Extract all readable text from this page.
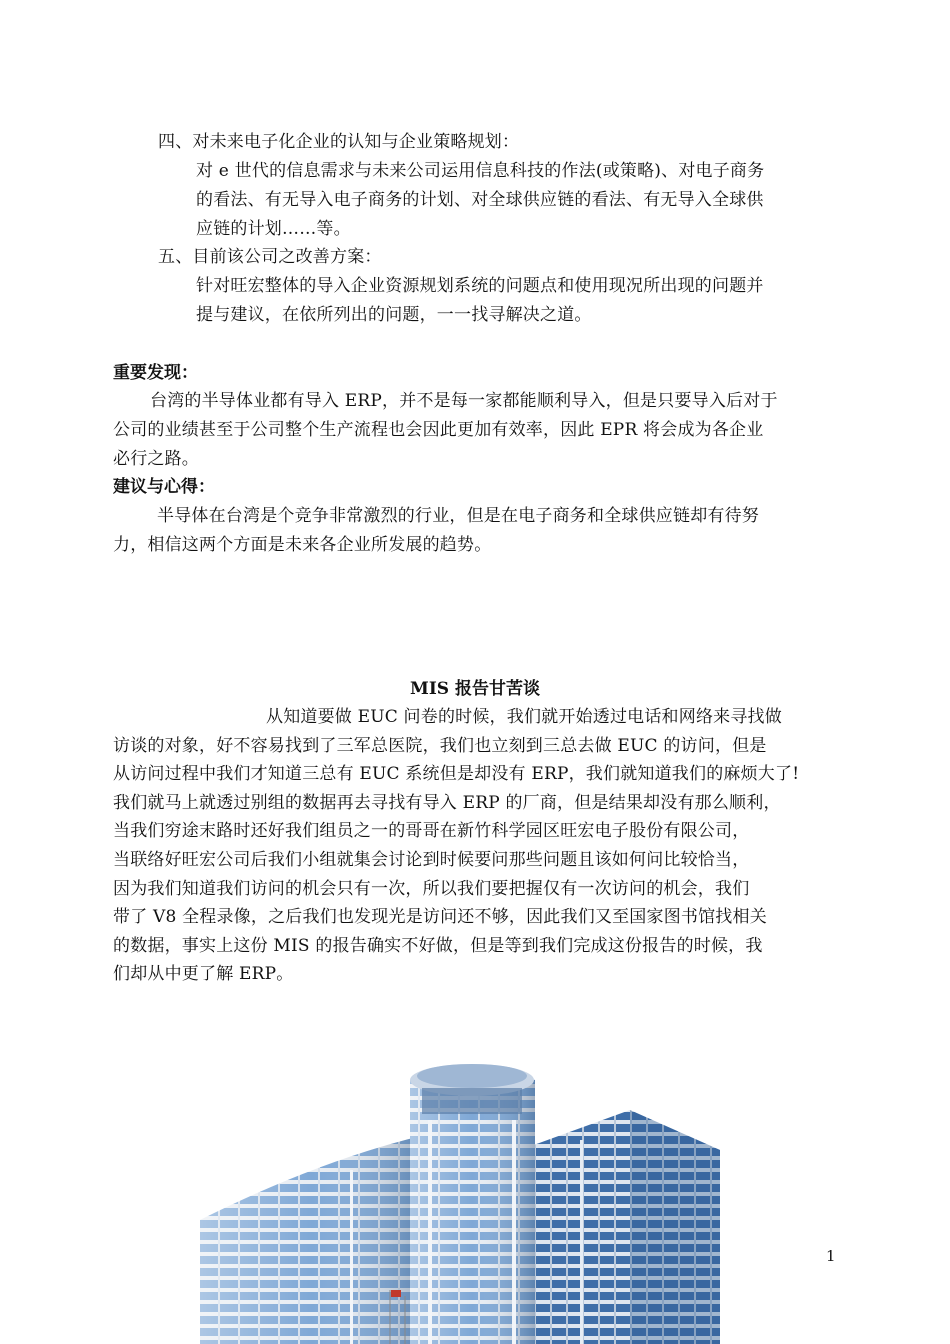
四、对未来电子化企业的认知与企业策略规划：
对 e 世代的信息需求与未来公司运用信息科技的作法(或策略)、对电子商务
的看法、有无导入电子商务的计划、对全球供应链的看法、有无导入全球供
应链的计划……等。
五、目前该公司之改善方案：
针对旺宏整体的导入企业资源规划系统的问题点和使用现况所出现的问题并
提与建议，在依所列出的问题，一一找寻解决之道。
重要发现：
台湾的半导体业都有导入 ERP，并不是每一家都能顺利导入，但是只要导入后对于
公司的业绩甚至于公司整个生产流程也会因此更加有效率，因此 EPR 将会成为各企业
必行之路。
建议与心得：
半导体在台湾是个竞争非常激烈的行业，但是在电子商务和全球供应链却有待努
力，相信这两个方面是未来各企业所发展的趋势。
MIS 报告甘苦谈
从知道要做 EUC 问卷的时候，我们就开始透过电话和网络来寻找做
访谈的对象，好不容易找到了三军总医院，我们也立刻到三总去做 EUC 的访问，但是
从访问过程中我们才知道三总有 EUC 系统但是却没有 ERP，我们就知道我们的麻烦大了!
我们就马上就透过别组的数据再去寻找有导入 ERP 的厂商，但是结果却没有那么顺利，
当我们穷途末路时还好我们组员之一的哥哥在新竹科学园区旺宏电子股份有限公司，
当联络好旺宏公司后我们小组就集会讨论到时候要问那些问题且该如何问比较恰当，
因为我们知道我们访问的机会只有一次，所以我们要把握仅有一次访问的机会，我们
带了 V8 全程录像，之后我们也发现光是访问还不够，因此我们又至国家图书馆找相关
的数据，事实上这份 MIS 的报告确实不好做，但是等到我们完成这份报告的时候，我
们却从中更了解 ERP。
1
